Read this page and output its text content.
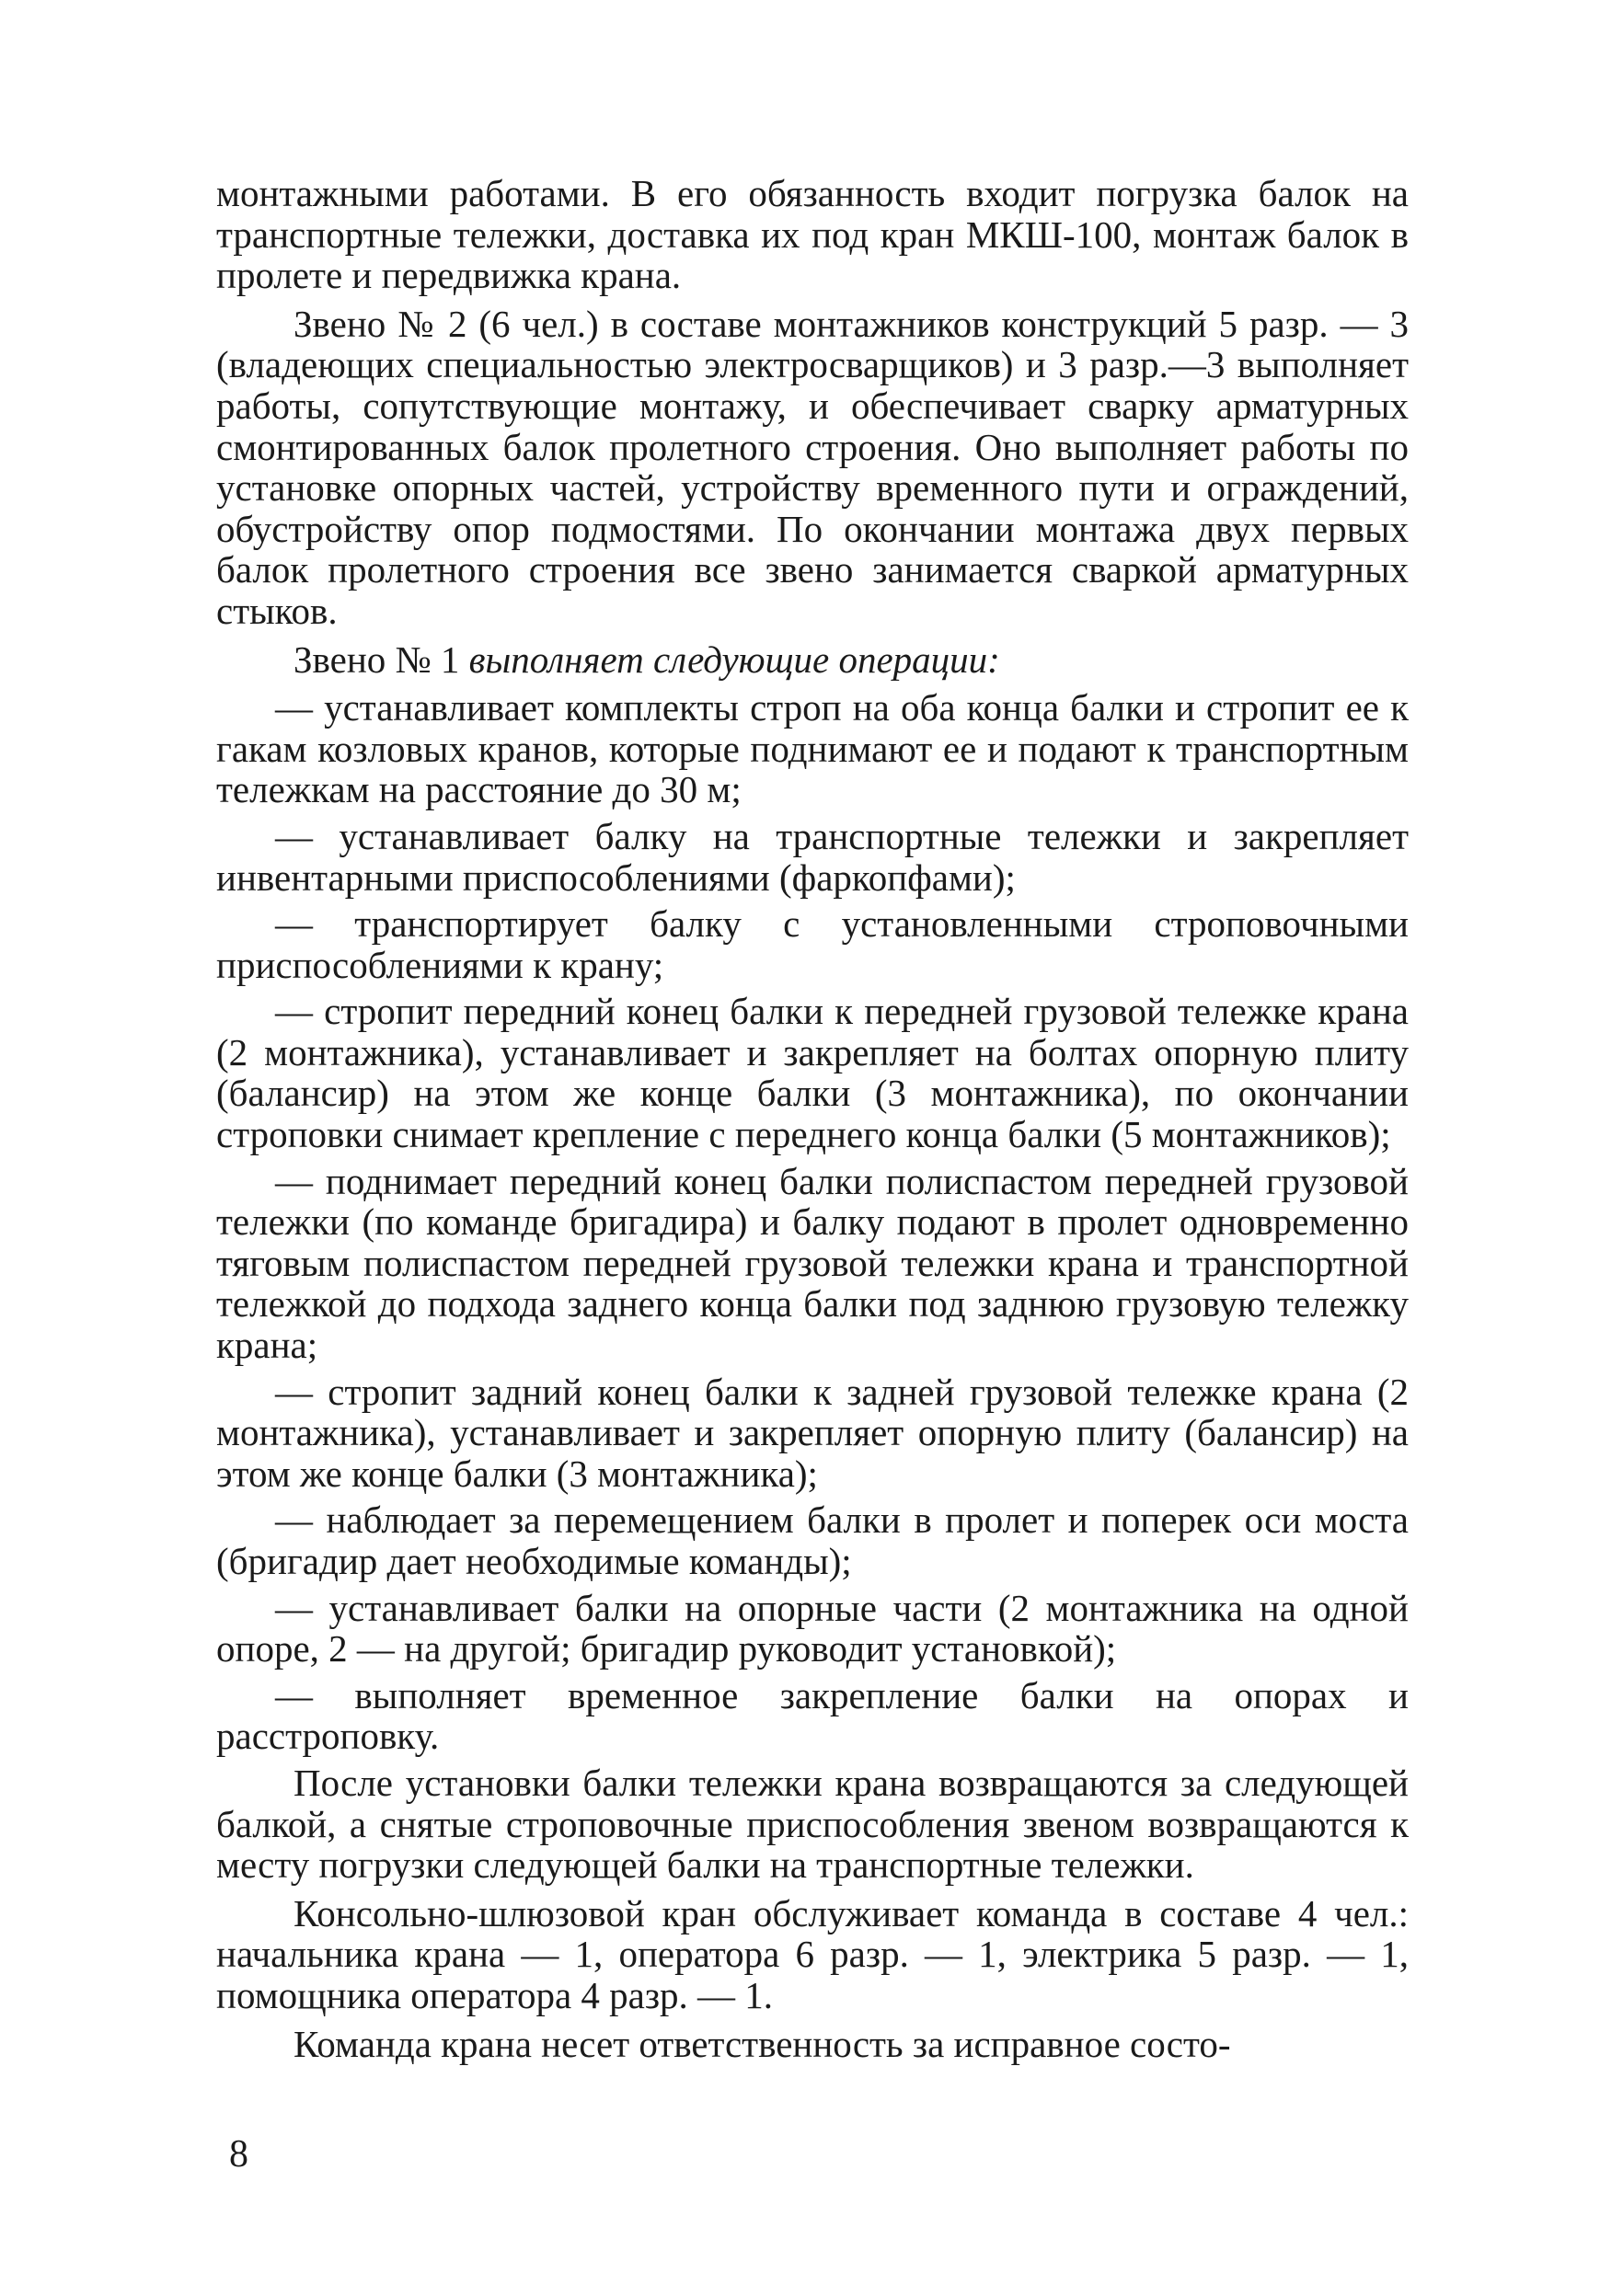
монтажными работами. В его обязанность входит погрузка балок на транспортные тележки, доставка их под кран МКШ-100, монтаж балок в пролете и передвижка крана.

Звено № 2 (6 чел.) в составе монтажников конструкций 5 разр. — 3 (владеющих специальностью электросварщиков) и 3 разр.—3 выполняет работы, сопутствующие монтажу, и обеспечивает сварку арматурных смонтированных балок пролетного строения. Оно выполняет работы по установке опорных частей, устройству временного пути и ограждений, обустройству опор подмостями. По окончании монтажа двух первых балок пролетного строения все звено занимается сваркой арматурных стыков.

Звено № 1 выполняет следующие операции:

— устанавливает комплекты строп на оба конца балки и стропит ее к гакам козловых кранов, которые поднимают ее и подают к транспортным тележкам на расстояние до 30 м;

— устанавливает балку на транспортные тележки и закрепляет инвентарными приспособлениями (фаркопфами);

— транспортирует балку с установленными строповочными приспособлениями к крану;

— стропит передний конец балки к передней грузовой тележке крана (2 монтажника), устанавливает и закрепляет на болтах опорную плиту (балансир) на этом же конце балки (3 монтажника), по окончании строповки снимает крепление с переднего конца балки (5 монтажников);

— поднимает передний конец балки полиспастом передней грузовой тележки (по команде бригадира) и балку подают в пролет одновременно тяговым полиспастом передней грузовой тележки крана и транспортной тележкой до подхода заднего конца балки под заднюю грузовую тележку крана;

— стропит задний конец балки к задней грузовой тележке крана (2 монтажника), устанавливает и закрепляет опорную плиту (балансир) на этом же конце балки (3 монтажника);

— наблюдает за перемещением балки в пролет и поперек оси моста (бригадир дает необходимые команды);

— устанавливает балки на опорные части (2 монтажника на одной опоре, 2 — на другой; бригадир руководит установкой);

— выполняет временное закрепление балки на опорах и расстроповку.

После установки балки тележки крана возвращаются за следующей балкой, а снятые строповочные приспособления звеном возвращаются к месту погрузки следующей балки на транспортные тележки.

Консольно-шлюзовой кран обслуживает команда в составе 4 чел.: начальника крана — 1, оператора 6 разр. — 1, электрика 5 разр. — 1, помощника оператора 4 разр. — 1.

Команда крана несет ответственность за исправное состо-

8
